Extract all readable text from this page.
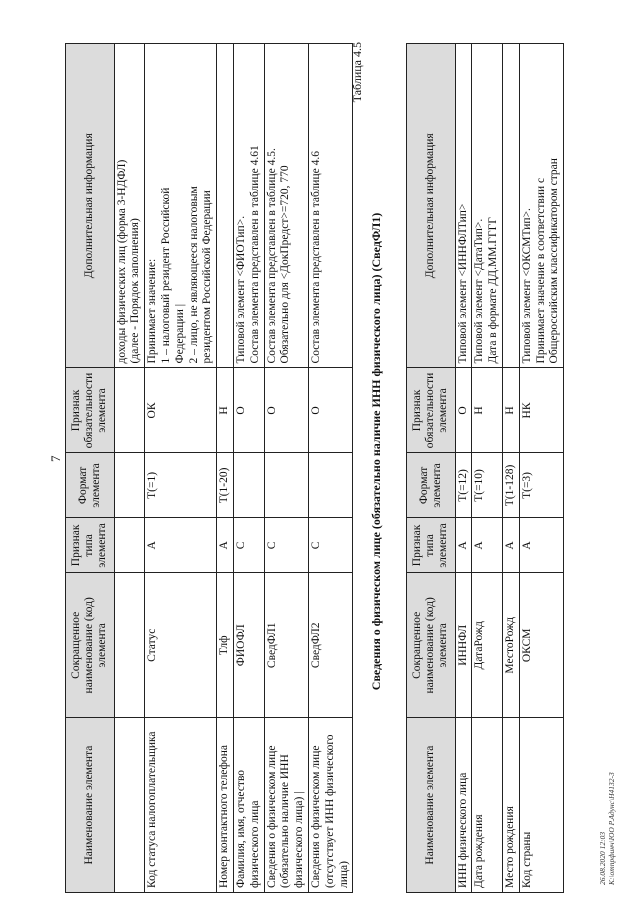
7
Наименование элемента	Сокращенное наименование (код) элемента	Признак типа элемента	Формат элемента	Признак обязательности элемента	Дополнительная информация

					доходы физических лиц (форма 3-НДФЛ) (далее - Порядок заполнения)

Код статуса налогоплательщика	Статус	А	Т(=1)	ОК	Принимает значение: 1 – налоговый резидент Российской Федерации | 2 – лицо, не являющееся налоговым резидентом Российской Федерации

Номер контактного телефона	Тлф	А	Т(1-20)	Н	

Фамилия, имя, отчество физического лица	ФИОФЛ	С		О	Типовой элемент <ФИОТип>. Состав элемента представлен в таблице 4.61

Сведения о физическом лице (обязательно наличие ИНН физического лица) |	СведФЛ1	С		О	Состав элемента представлен в таблице 4.5. Обязательно для <ДокПредст>=720, 770

Сведения о физическом лице (отсутствует ИНН физического лица)	СведФЛ2	С		О	Состав элемента представлен в таблице 4.6
Таблица 4.5
Сведения о физическом лице (обязательно наличие ИНН физического лица) (СведФЛ1)
Наименование элемента	Сокращенное наименование (код) элемента	Признак типа элемента	Формат элемента	Признак обязательности элемента	Дополнительная информация
ИНН физического лица	ИННФЛ	А	Т(=12)	О	Типовой элемент <ИННФЛТип>

Дата рождения	ДатаРожд	А	Т(=10)	Н	Типовой элемент <ДатаТип>. Дата в формате ДД.ММ.ГГГГ

Место рождения	МестоРожд	А	Т(1-128)	Н	

Код страны	ОКСМ	А	Т(=3)	НК	Типовой элемент <ОКСМТип>. Принимает значение в соответствии с Общероссийским классификатором стран
26.08.2020 12:03 К:\отпрфинч\ЮО Р.Адунс\Н4132-3
